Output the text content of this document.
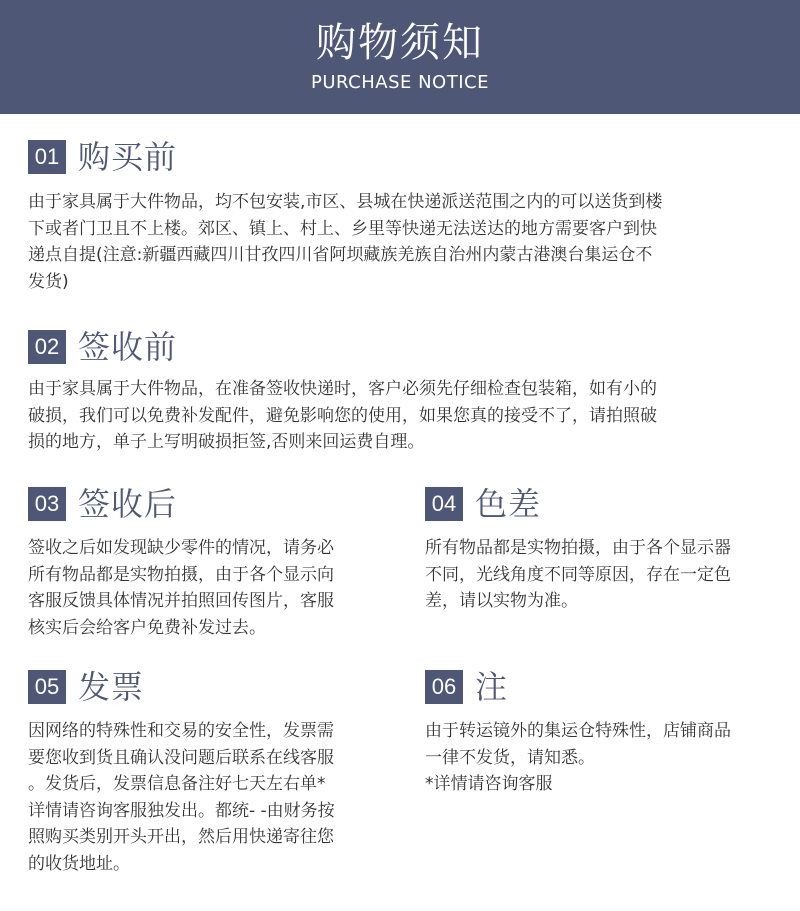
购物须知
PURCHASE NOTICE
01 购买前

由于家具属于大件物品，均不包安装,市区、县城在快递派送范围之内的可以送货到楼

下或者门卫且不上楼。郊区、镇上、村上、乡里等快递无法送达的地方需要客户到快

递点自提(注意:新疆西藏四川甘孜四川省阿坝藏族羌族自治州内蒙古港澳台集运仓不

发货)

02 签收前

由于家具属于大件物品，在准备签收快递时，客户必须先仔细检查包装箱，如有小的

破损，我们可以免费补发配件，避免影响您的使用，如果您真的接受不了，请拍照破

损的地方，单子上写明破损拒签,否则来回运费自理。

03 签收后

签收之后如发现缺少零件的情况，请务必

所有物品都是实物拍摄，由于各个显示向

客服反馈具体情况并拍照回传图片，客服

核实后会给客户免费补发过去。

04 色差

所有物品都是实物拍摄，由于各个显示器

不同，光线角度不同等原因，存在一定色

差，请以实物为准。

05 发票

因网络的特殊性和交易的安全性，发票需

要您收到货且确认没问题后联系在线客服

。发货后，发票信息备注好七天左右单*

详情请咨询客服独发出。都统- -由财务按

照购买类别开头开出，然后用快递寄往您

的收货地址。

06 注

由于转运镜外的集运仓特殊性，店铺商品

一律不发货，请知悉。

*详情请咨询客服
